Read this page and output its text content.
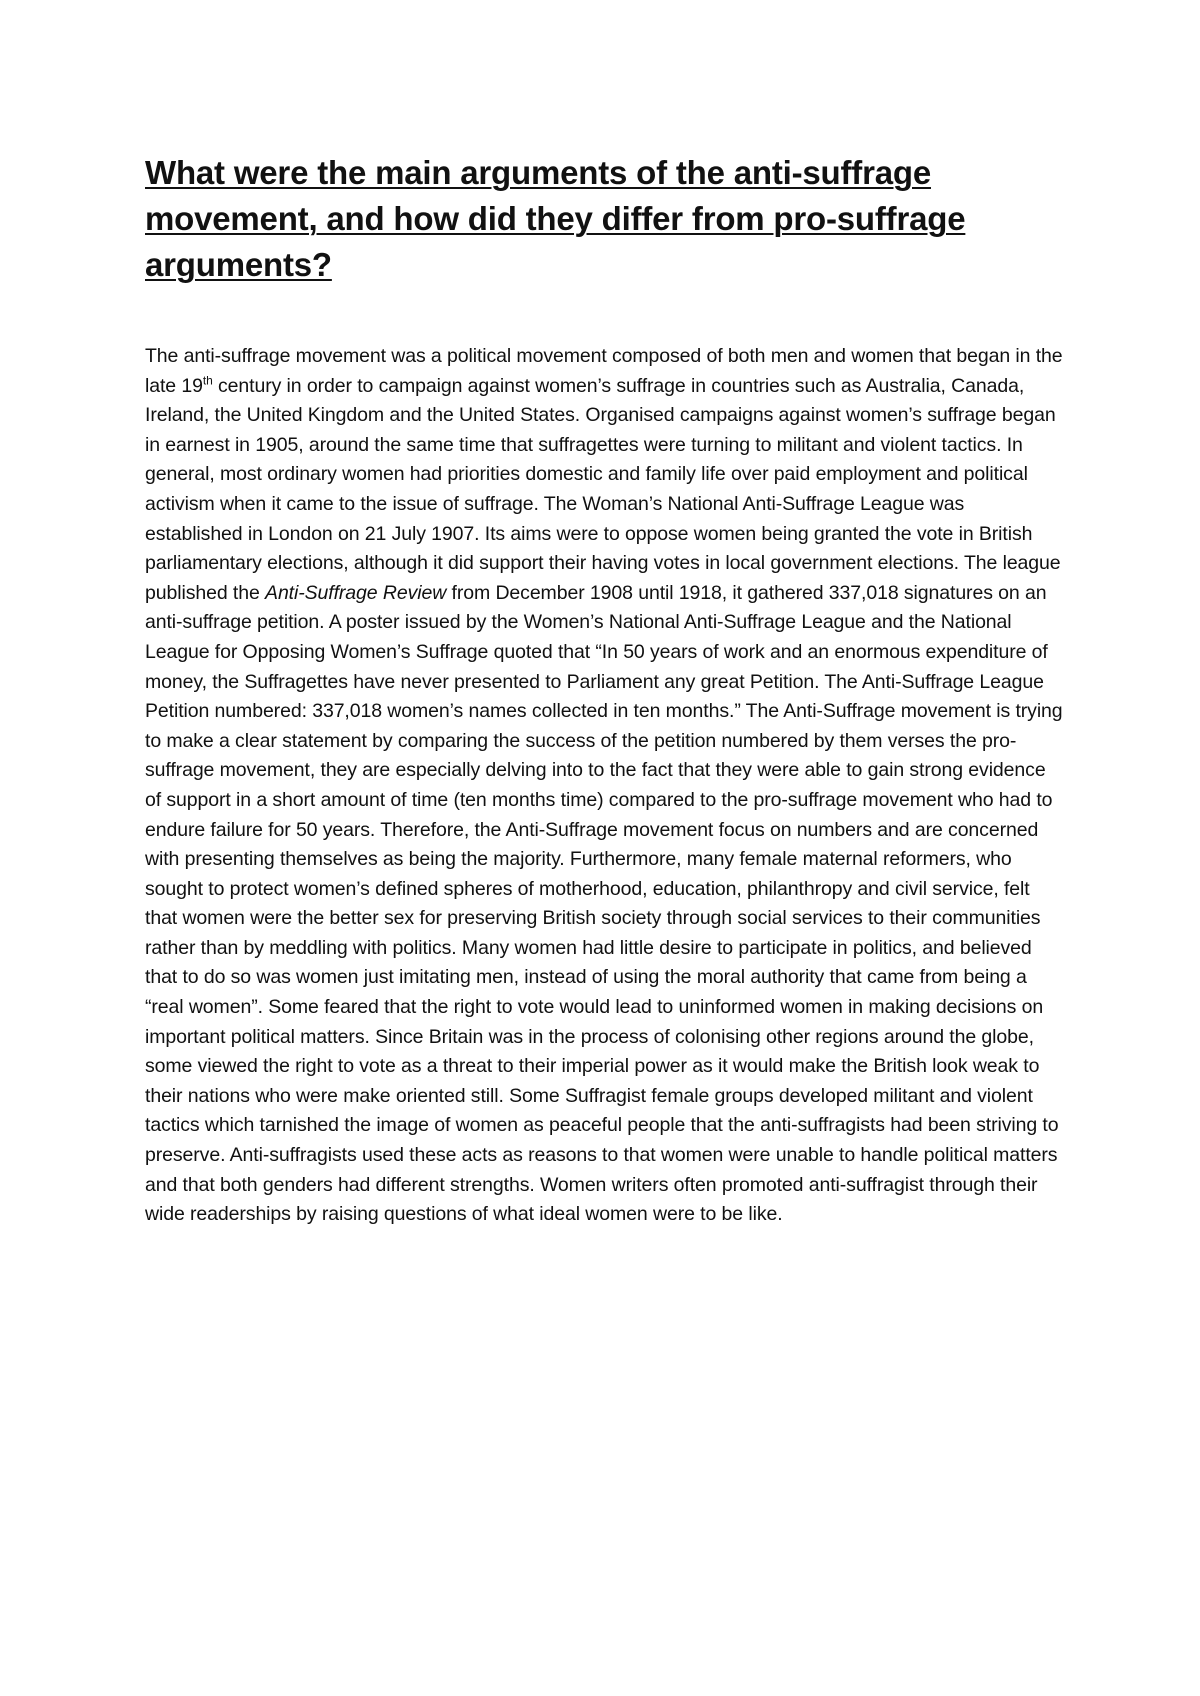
What were the main arguments of the anti-suffrage movement, and how did they differ from pro-suffrage arguments?

The anti-suffrage movement was a political movement composed of both men and women that began in the late 19th century in order to campaign against women’s suffrage in countries such as Australia, Canada, Ireland, the United Kingdom and the United States. Organised campaigns against women’s suffrage began in earnest in 1905, around the same time that suffragettes were turning to militant and violent tactics. In general, most ordinary women had priorities domestic and family life over paid employment and political activism when it came to the issue of suffrage. The Woman’s National Anti-Suffrage League was established in London on 21 July 1907. Its aims were to oppose women being granted the vote in British parliamentary elections, although it did support their having votes in local government elections. The league published the Anti-Suffrage Review from December 1908 until 1918, it gathered 337,018 signatures on an anti-suffrage petition. A poster issued by the Women’s National Anti-Suffrage League and the National League for Opposing Women’s Suffrage quoted that “In 50 years of work and an enormous expenditure of money, the Suffragettes have never presented to Parliament any great Petition. The Anti-Suffrage League Petition numbered: 337,018 women’s names collected in ten months.” The Anti-Suffrage movement is trying to make a clear statement by comparing the success of the petition numbered by them verses the pro-suffrage movement, they are especially delving into to the fact that they were able to gain strong evidence of support in a short amount of time (ten months time) compared to the pro-suffrage movement who had to endure failure for 50 years. Therefore, the Anti-Suffrage movement focus on numbers and are concerned with presenting themselves as being the majority. Furthermore, many female maternal reformers, who sought to protect women’s defined spheres of motherhood, education, philanthropy and civil service, felt that women were the better sex for preserving British society through social services to their communities rather than by meddling with politics. Many women had little desire to participate in politics, and believed that to do so was women just imitating men, instead of using the moral authority that came from being a “real women”. Some feared that the right to vote would lead to uninformed women in making decisions on important political matters. Since Britain was in the process of colonising other regions around the globe, some viewed the right to vote as a threat to their imperial power as it would make the British look weak to their nations who were make oriented still. Some Suffragist female groups developed militant and violent tactics which tarnished the image of women as peaceful people that the anti-suffragists had been striving to preserve. Anti-suffragists used these acts as reasons to that women were unable to handle political matters and that both genders had different strengths. Women writers often promoted anti-suffragist through their wide readerships by raising questions of what ideal women were to be like.
